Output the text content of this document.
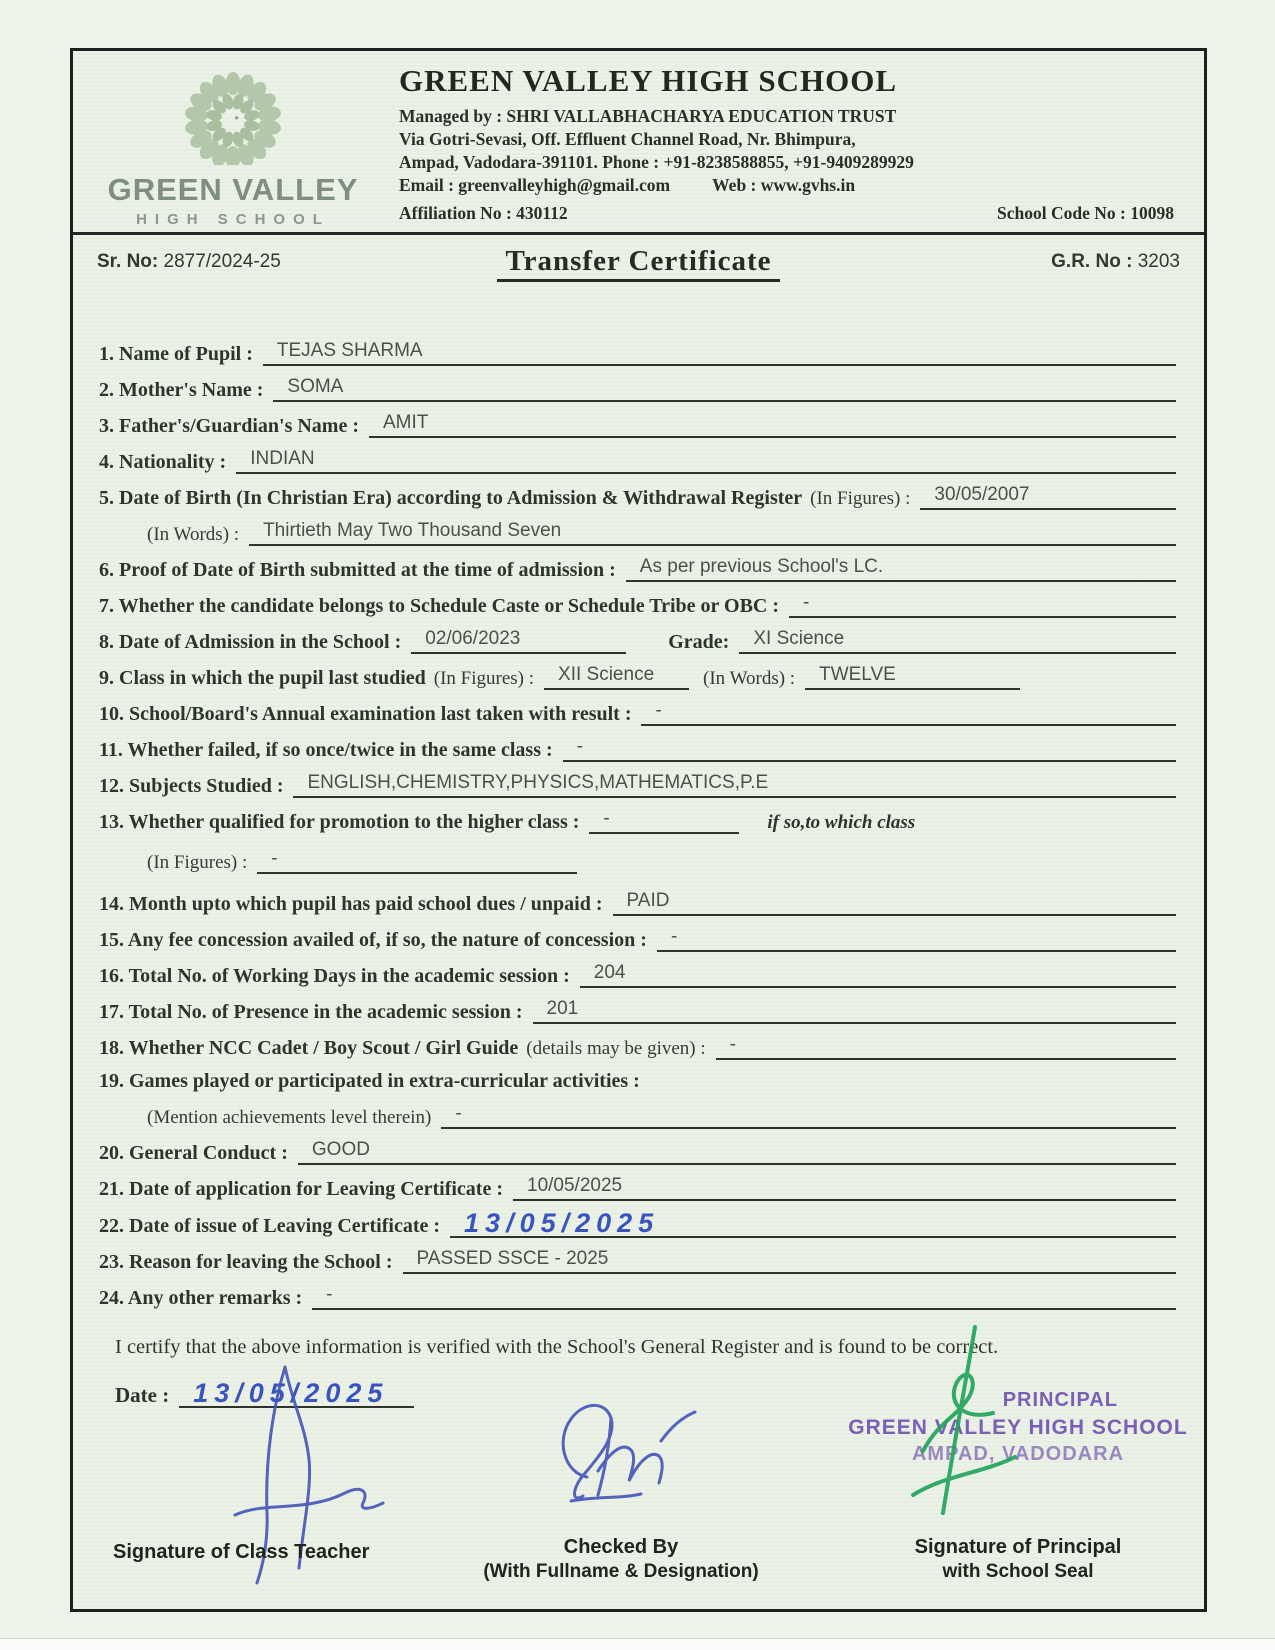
GREEN VALLEY
HIGH SCHOOL
GREEN VALLEY HIGH SCHOOL
Managed by : SHRI VALLABHACHARYA EDUCATION TRUST
Via Gotri-Sevasi, Off. Effluent Channel Road, Nr. Bhimpura,
Ampad, Vadodara-391101. Phone : +91-8238588855, +91-9409289929
Email : greenvalleyhigh@gmail.com Web : www.gvhs.in
Affiliation No : 430112	School Code No : 10098
Sr. No: 2877/2024-25	Transfer Certificate	G.R. No : 3203
1. Name of Pupil :	TEJAS SHARMA
2. Mother's Name :	SOMA
3. Father's/Guardian's Name :	AMIT
4. Nationality :	INDIAN
5. Date of Birth (In Christian Era) according to Admission & Withdrawal Register (In Figures) :	30/05/2007
(In Words) :	Thirtieth May Two Thousand Seven
6. Proof of Date of Birth submitted at the time of admission :	As per previous School's LC.
7. Whether the candidate belongs to Schedule Caste or Schedule Tribe or OBC :	-
8. Date of Admission in the School :	02/06/2023	Grade:	XI Science
9. Class in which the pupil last studied (In Figures) :	XII Science	(In Words) :	TWELVE
10. School/Board's Annual examination last taken with result :	-
11. Whether failed, if so once/twice in the same class :	-
12. Subjects Studied :	ENGLISH,CHEMISTRY,PHYSICS,MATHEMATICS,P.E
13. Whether qualified for promotion to the higher class :	-	if so,to which class
(In Figures) :	-
14. Month upto which pupil has paid school dues / unpaid :	PAID
15. Any fee concession availed of, if so, the nature of concession :	-
16. Total No. of Working Days in the academic session :	204
17. Total No. of Presence in the academic session :	201
18. Whether NCC Cadet / Boy Scout / Girl Guide (details may be given) :	-
19. Games played or participated in extra-curricular activities :
(Mention achievements level therein)	-
20. General Conduct :	GOOD
21. Date of application for Leaving Certificate :	10/05/2025
22. Date of issue of Leaving Certificate : 13/05/2025
23. Reason for leaving the School :	PASSED SSCE - 2025
24. Any other remarks :	-

I certify that the above information is verified with the School's General Register and is found to be correct.

Date : 13/05/2025
Signature of Class Teacher	Checked By
(With Fullname & Designation)
PRINCIPAL
GREEN VALLEY HIGH SCHOOL
AMPAD, VADODARA
Signature of Principal
with School Seal
